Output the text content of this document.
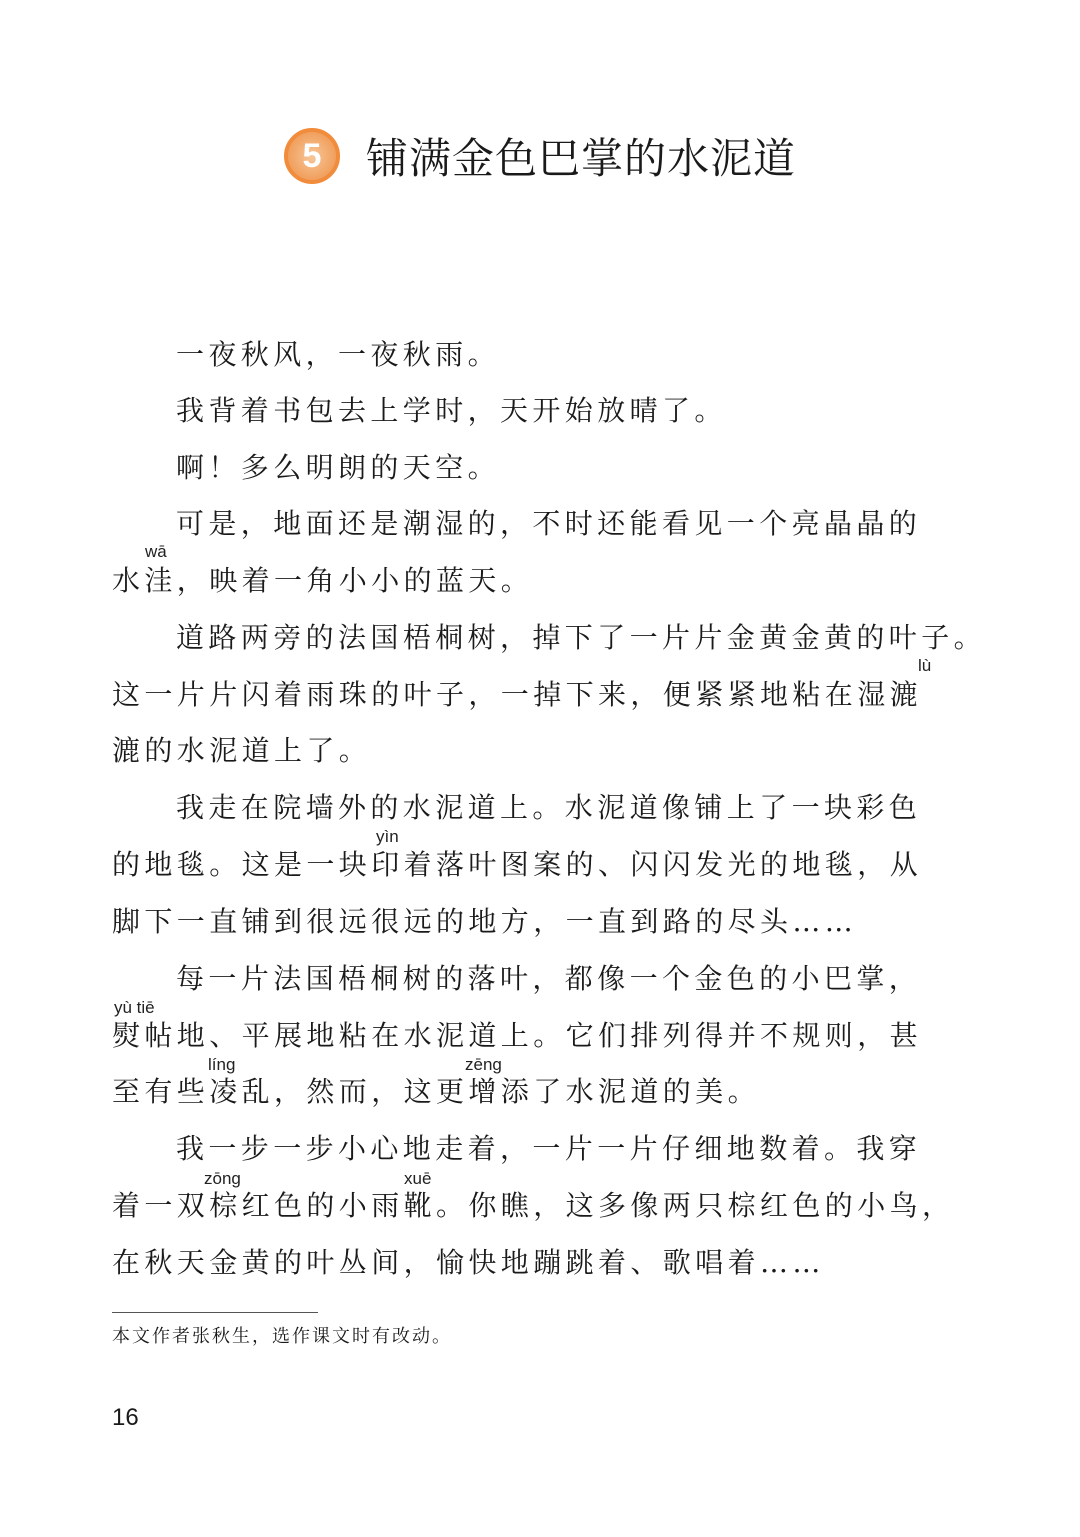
5 铺满金色巴掌的水泥道
一夜秋风，一夜秋雨。
我背着书包去上学时，天开始放晴了。
啊！多么明朗的天空。
可是，地面还是潮湿的，不时还能看见一个亮晶晶的
水洼，映着一角小小的蓝天。
道路两旁的法国梧桐树，掉下了一片片金黄金黄的叶子。
这一片片闪着雨珠的叶子，一掉下来，便紧紧地粘在湿漉
漉的水泥道上了。
我走在院墙外的水泥道上。水泥道像铺上了一块彩色
的地毯。这是一块印着落叶图案的、闪闪发光的地毯，从
脚下一直铺到很远很远的地方，一直到路的尽头……
每一片法国梧桐树的落叶，都像一个金色的小巴掌，
熨帖地、平展地粘在水泥道上。它们排列得并不规则，甚
至有些凌乱，然而，这更增添了水泥道的美。
我一步一步小心地走着，一片一片仔细地数着。我穿
着一双棕红色的小雨靴。你瞧，这多像两只棕红色的小鸟，
在秋天金黄的叶丛间，愉快地蹦跳着、歌唱着……
wā
lù
yìn
yù tiē
líng	zēng
zōng	xuē
本文作者张秋生，选作课文时有改动。
16
